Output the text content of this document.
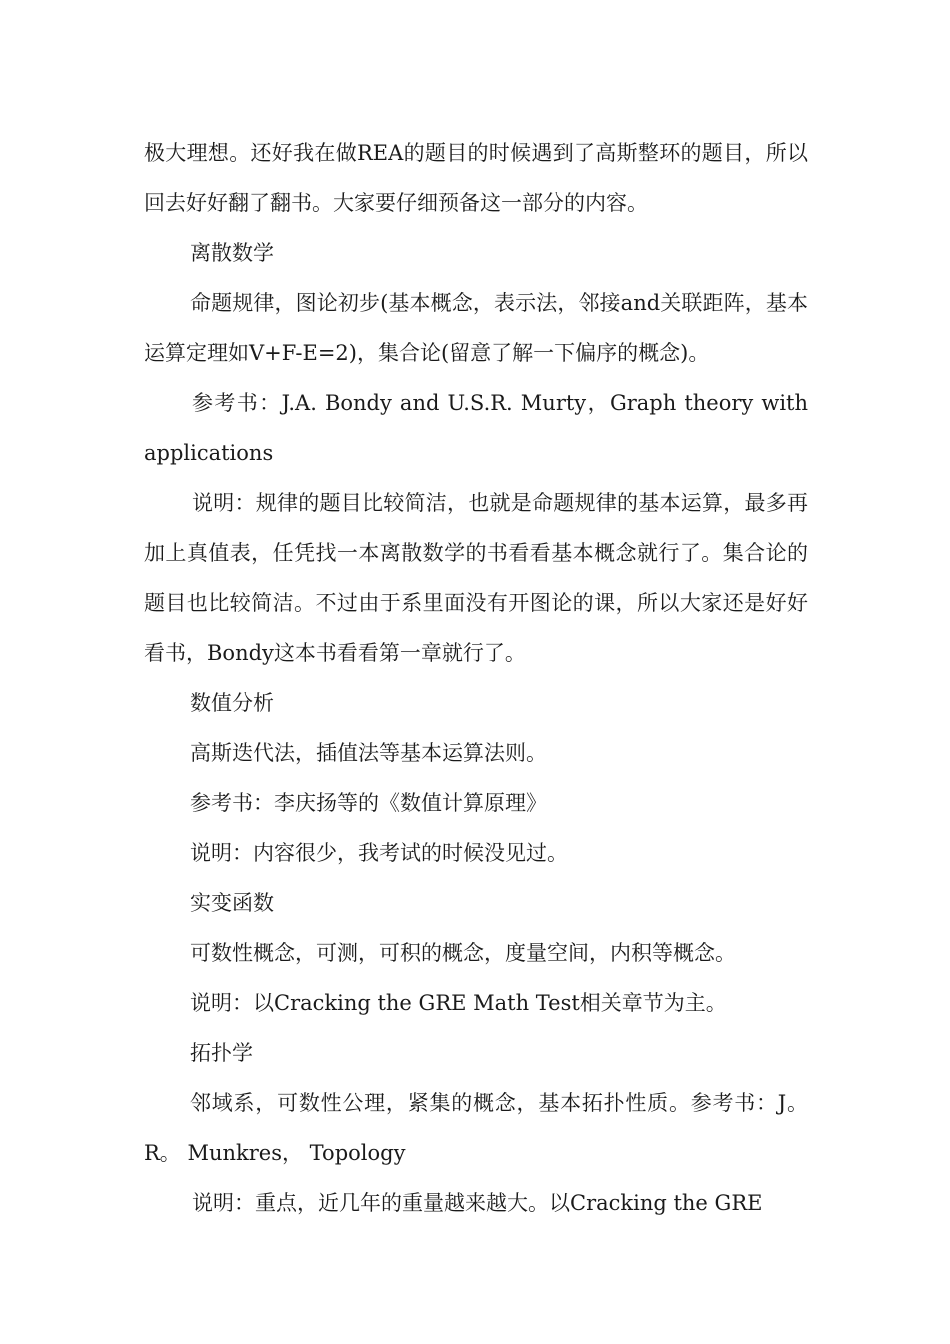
极大理想。还好我在做REA的题目的时候遇到了高斯整环的题目，所以回去好好翻了翻书。大家要仔细预备这一部分的内容。

离散数学

命题规律，图论初步(基本概念，表示法，邻接and关联距阵，基本运算定理如V+F-E=2)，集合论(留意了解一下偏序的概念)。

参考书：J.A. Bondy and U.S.R. Murty，Graph theory with applications

说明：规律的题目比较简洁，也就是命题规律的基本运算，最多再加上真值表，任凭找一本离散数学的书看看基本概念就行了。集合论的题目也比较简洁。不过由于系里面没有开图论的课，所以大家还是好好看书，Bondy这本书看看第一章就行了。

数值分析

高斯迭代法，插值法等基本运算法则。

参考书：李庆扬等的《数值计算原理》

说明：内容很少，我考试的时候没见过。

实变函数

可数性概念，可测，可积的概念，度量空间，内积等概念。

说明：以Cracking the GRE Math Test相关章节为主。

拓扑学

邻域系，可数性公理，紧集的概念，基本拓扑性质。参考书：J。 R。 Munkres， Topology

说明：重点，近几年的重量越来越大。以Cracking the GRE
